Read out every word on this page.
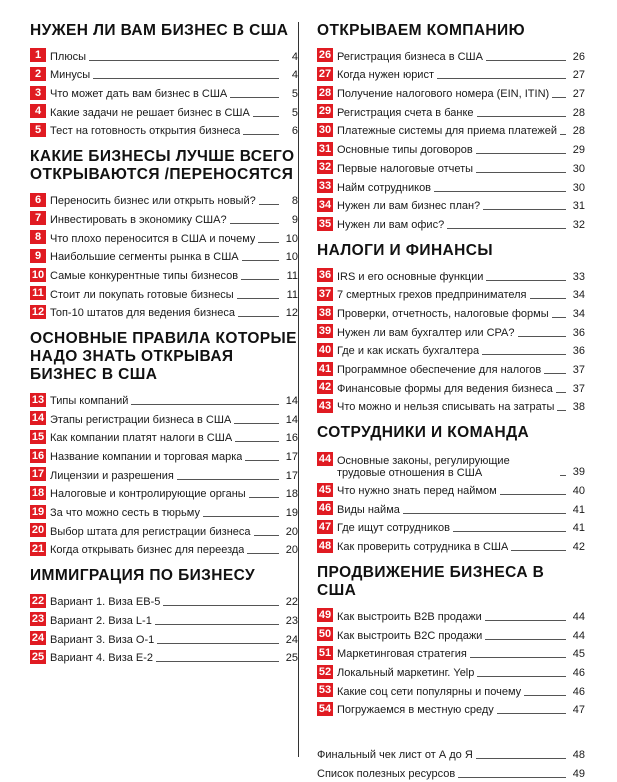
НУЖЕН ЛИ ВАМ БИЗНЕС В США
1 Плюсы	4
2 Минусы	4
3 Что может дать вам бизнес в США	5
4 Какие задачи не решает бизнес в США	5
5 Тест на готовность открытия бизнеса	6
КАКИЕ БИЗНЕСЫ ЛУЧШЕ ВСЕГО ОТКРЫВАЮТСЯ /ПЕРЕНОСЯТСЯ
6 Переносить бизнес или открыть новый?	8
7 Инвестировать в экономику США?	9
8 Что плохо переносится в США и почему	10
9 Наибольшие сегменты рынка в США	10
10 Самые конкурентные типы бизнесов	11
11 Стоит ли покупать готовые бизнесы	11
12 Топ-10 штатов для ведения бизнеса	12
ОСНОВНЫЕ ПРАВИЛА КОТОРЫЕ НАДО ЗНАТЬ ОТКРЫВАЯ БИЗНЕС В США
13 Типы компаний	14
14 Этапы регистрации бизнеса в США	14
15 Как компании платят налоги в США	16
16 Название компании и торговая марка	17
17 Лицензии и разрешения	17
18 Налоговые и контролирующие органы	18
19 За что можно сесть в тюрьму	19
20 Выбор штата для регистрации бизнеса	20
21 Когда открывать бизнес для переезда	20
ИММИГРАЦИЯ ПО БИЗНЕСУ
22 Вариант 1. Виза EB-5	22
23 Вариант 2. Виза L-1	23
24 Вариант 3. Виза O-1	24
25 Вариант 4. Виза E-2	25
ОТКРЫВАЕМ КОМПАНИЮ
26 Регистрация бизнеса в США	26
27 Когда нужен юрист	27
28 Получение налогового номера (EIN, ITIN)	27
29 Регистрация счета в банке	28
30 Платежные системы для приема платежей	28
31 Основные типы договоров	29
32 Первые налоговые отчеты	30
33 Найм сотрудников	30
34 Нужен ли вам бизнес план?	31
35 Нужен ли вам офис?	32
НАЛОГИ И ФИНАНСЫ
36 IRS и его основные функции	33
37 7 смертных грехов предпринимателя	34
38 Проверки, отчетность, налоговые формы	34
39 Нужен ли вам бухгалтер или CPA?	36
40 Где и как искать бухгалтера	36
41 Программное обеспечение для налогов	37
42 Финансовые формы для ведения бизнеса	37
43 Что можно и нельзя списывать на затраты	38
СОТРУДНИКИ И КОМАНДА
44 Основные законы, регулирующие трудовые отношения в США	39
45 Что нужно знать перед наймом	40
46 Виды найма	41
47 Где ищут сотрудников	41
48 Как проверить сотрудника в США	42
ПРОДВИЖЕНИЕ БИЗНЕСА В США
49 Как выстроить B2B продажи	44
50 Как выстроить B2C продажи	44
51 Маркетинговая стратегия	45
52 Локальный маркетинг. Yelp	46
53 Какие соц сети популярны и почему	46
54 Погружаемся в местную среду	47
Финальный чек лист от А до Я	48
Список полезных ресурсов	49
